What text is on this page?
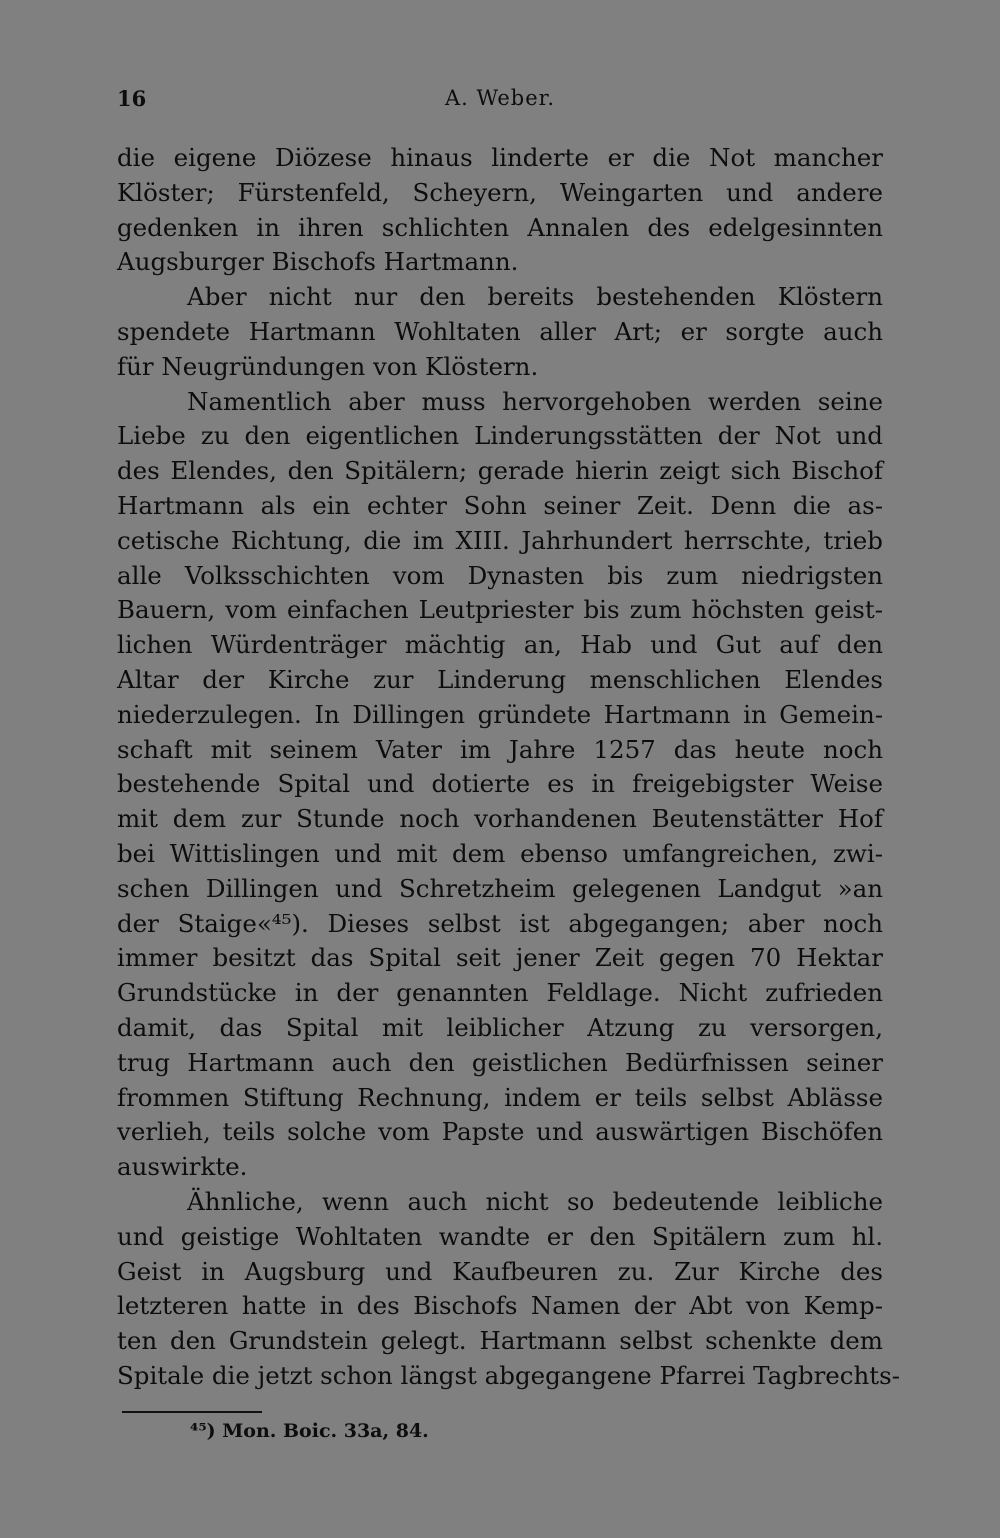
16	A. Weber.
die eigene Diözese hinaus linderte er die Not mancher
Klöster; Fürstenfeld, Scheyern, Weingarten und andere
gedenken in ihren schlichten Annalen des edelgesinnten
Augsburger Bischofs Hartmann.
Aber nicht nur den bereits bestehenden Klöstern
spendete Hartmann Wohltaten aller Art; er sorgte auch
für Neugründungen von Klöstern.
Namentlich aber muss hervorgehoben werden seine
Liebe zu den eigentlichen Linderungsstätten der Not und
des Elendes, den Spitälern; gerade hierin zeigt sich Bischof
Hartmann als ein echter Sohn seiner Zeit. Denn die as-
cetische Richtung, die im XIII. Jahrhundert herrschte, trieb
alle Volksschichten vom Dynasten bis zum niedrigsten
Bauern, vom einfachen Leutpriester bis zum höchsten geist-
lichen Würdenträger mächtig an, Hab und Gut auf den
Altar der Kirche zur Linderung menschlichen Elendes
niederzulegen. In Dillingen gründete Hartmann in Gemein-
schaft mit seinem Vater im Jahre 1257 das heute noch
bestehende Spital und dotierte es in freigebigster Weise
mit dem zur Stunde noch vorhandenen Beutenstätter Hof
bei Wittislingen und mit dem ebenso umfangreichen, zwi-
schen Dillingen und Schretzheim gelegenen Landgut »an
der Staige«⁴⁵). Dieses selbst ist abgegangen; aber noch
immer besitzt das Spital seit jener Zeit gegen 70 Hektar
Grundstücke in der genannten Feldlage. Nicht zufrieden
damit, das Spital mit leiblicher Atzung zu versorgen,
trug Hartmann auch den geistlichen Bedürfnissen seiner
frommen Stiftung Rechnung, indem er teils selbst Ablässe
verlieh, teils solche vom Papste und auswärtigen Bischöfen
auswirkte.
Ähnliche, wenn auch nicht so bedeutende leibliche
und geistige Wohltaten wandte er den Spitälern zum hl.
Geist in Augsburg und Kaufbeuren zu. Zur Kirche des
letzteren hatte in des Bischofs Namen der Abt von Kemp-
ten den Grundstein gelegt. Hartmann selbst schenkte dem
Spitale die jetzt schon längst abgegangene Pfarrei Tagbrechts-
⁴⁵) Mon. Boic. 33a, 84.
